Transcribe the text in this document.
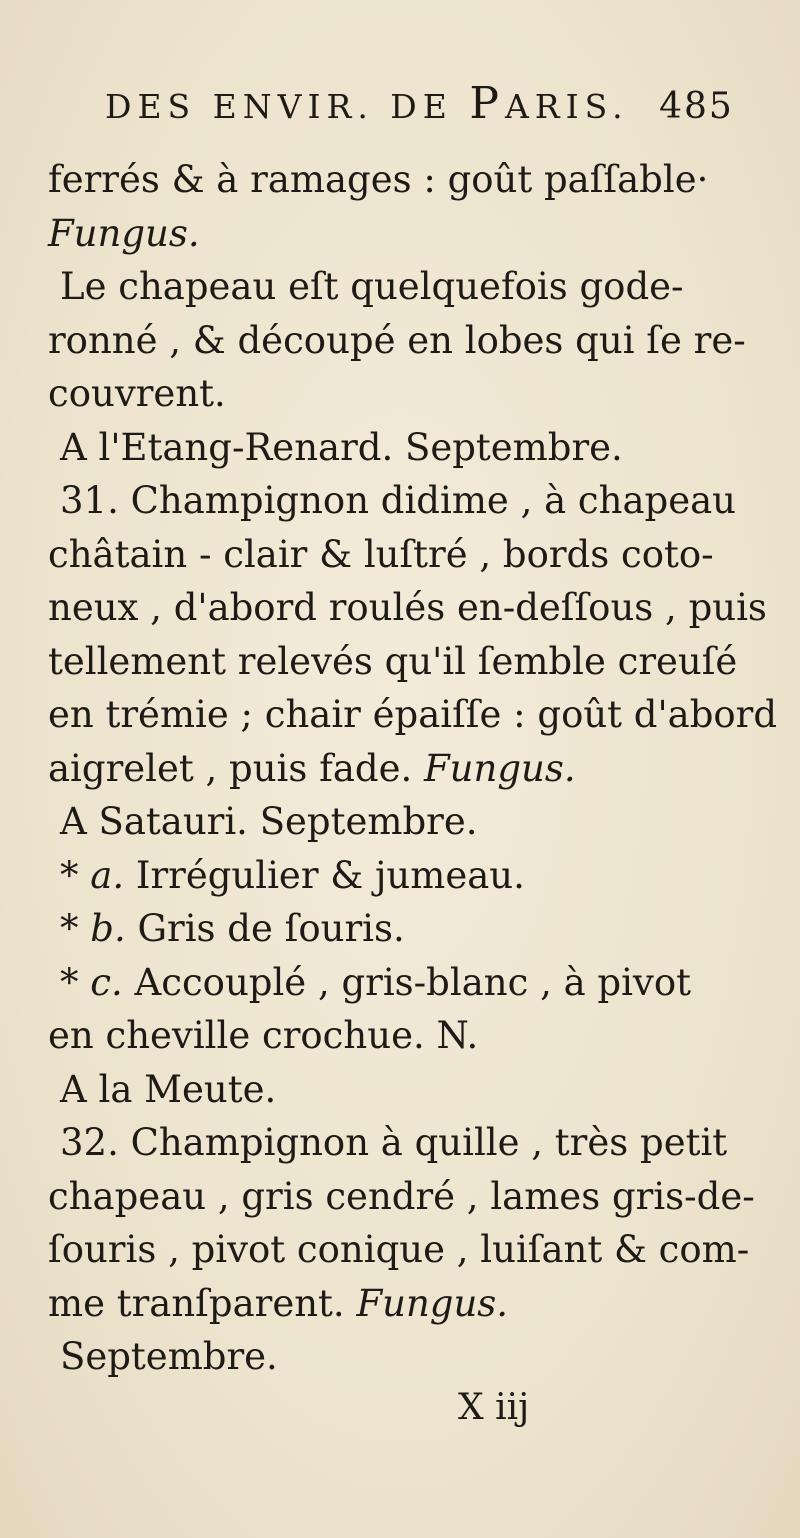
DES ENVIR. DE PARIS. 485
ferrés & à ramages : goût paſſable·
Fungus.
Le chapeau eſt quelquefois gode-
ronné , & découpé en lobes qui ſe re-
couvrent.
A l'Etang-Renard. Septembre.
31. Champignon didime , à chapeau
châtain - clair & luſtré , bords coto-
neux , d'abord roulés en-deſſous , puis
tellement relevés qu'il ſemble creuſé
en trémie ; chair épaiſſe : goût d'abord
aigrelet , puis fade. Fungus.
A Satauri. Septembre.
* a. Irrégulier & jumeau.
* b. Gris de ſouris.
* c. Accouplé , gris-blanc , à pivot
en cheville crochue. N.
A la Meute.
32. Champignon à quille , très petit
chapeau , gris cendré , lames gris-de-
ſouris , pivot conique , luiſant & com-
me tranſparent. Fungus.
Septembre.
X iij
